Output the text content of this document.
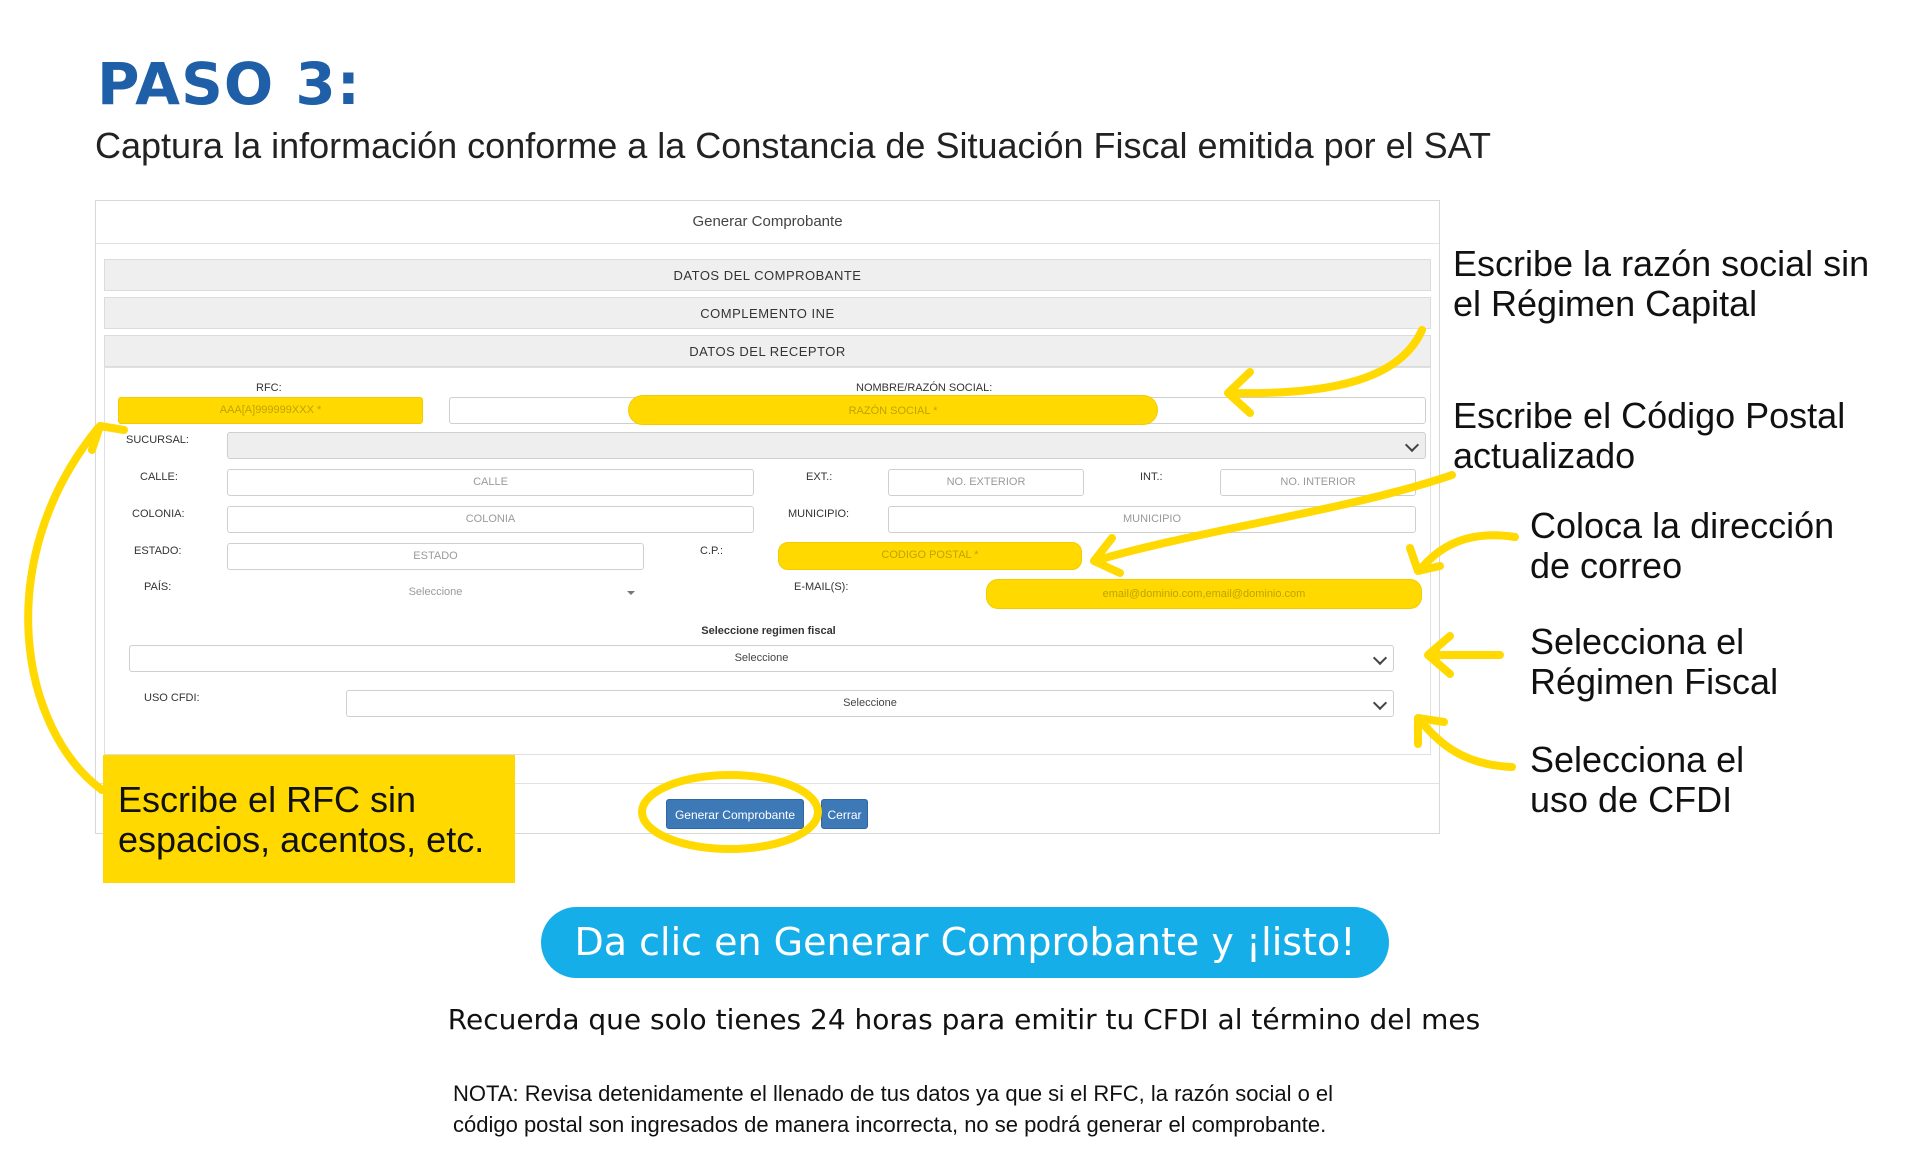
PASO 3:
Captura la información conforme a la Constancia de Situación Fiscal emitida por el SAT
Generar Comprobante
DATOS DEL COMPROBANTE
COMPLEMENTO INE
DATOS DEL RECEPTOR
RFC:
AAA[A]999999XXX *
NOMBRE/RAZÓN SOCIAL:
RAZÓN SOCIAL *
SUCURSAL:
CALLE:	CALLE	EXT.:	NO. EXTERIOR	INT.:	NO. INTERIOR
COLONIA:	COLONIA	MUNICIPIO:	MUNICIPIO
ESTADO:	ESTADO	C.P.:	CODIGO POSTAL *
PAÍS:	Seleccione	E-MAIL(S):
email@dominio.com,email@dominio.com
Seleccione regimen fiscal
Seleccione
USO CFDI:	Seleccione
Generar Comprobante	Cerrar
Escribe el RFC sin
espacios, acentos, etc.
Escribe la razón social sin
el Régimen Capital
Escribe el Código Postal
actualizado
Coloca la dirección
de correo
Selecciona el
Régimen Fiscal
Selecciona el
uso de CFDI
Da clic en Generar Comprobante y ¡listo!
Recuerda que solo tienes 24 horas para emitir tu CFDI al término del mes
NOTA: Revisa detenidamente el llenado de tus datos ya que si el RFC, la razón social o el
código postal son ingresados de manera incorrecta, no se podrá generar el comprobante.
